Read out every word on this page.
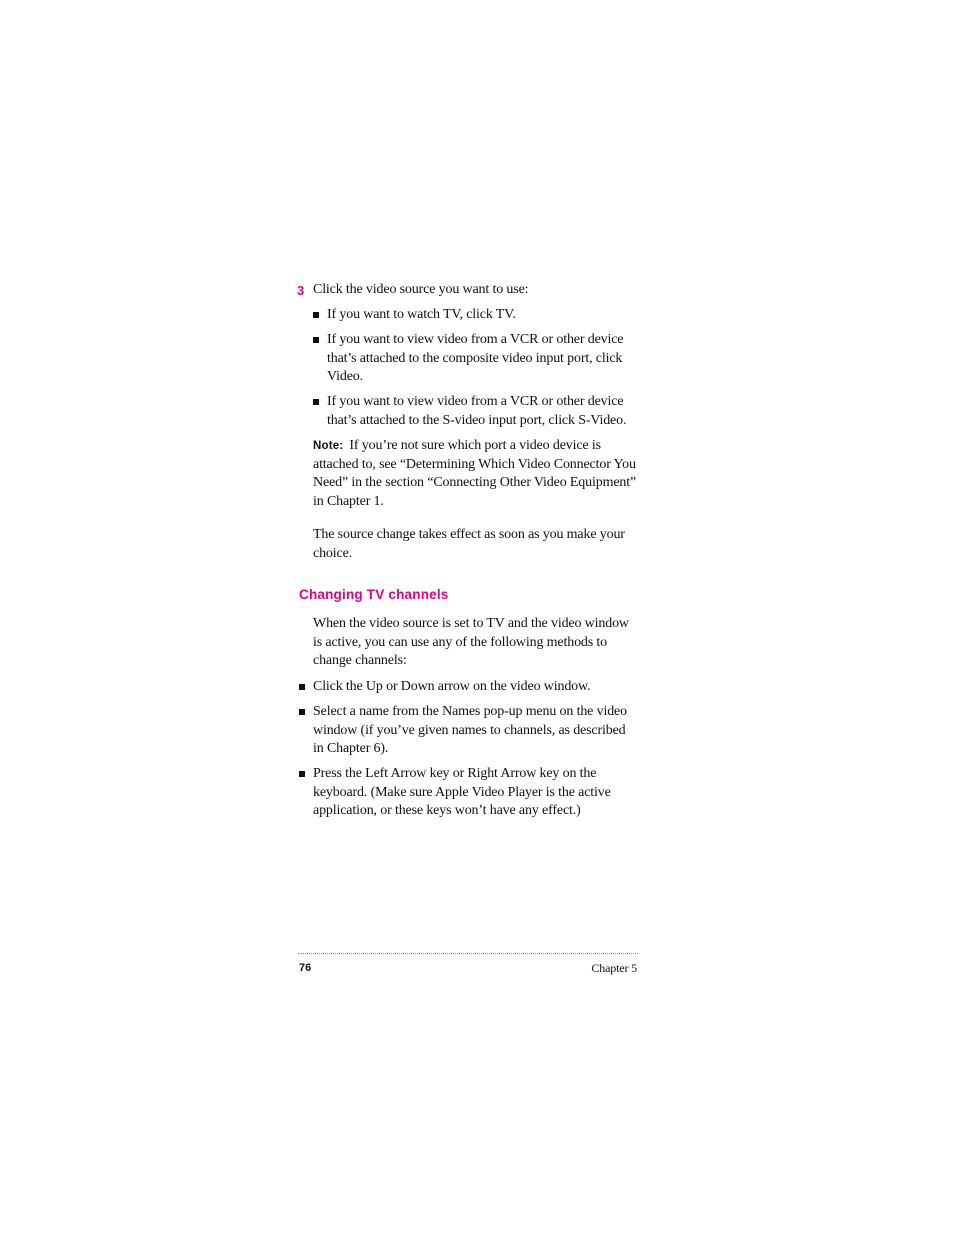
3 Click the video source you want to use:
If you want to watch TV, click TV.
If you want to view video from a VCR or other device that’s attached to the composite video input port, click Video.
If you want to view video from a VCR or other device that’s attached to the S-video input port, click S-Video.
Note: If you’re not sure which port a video device is attached to, see “Determining Which Video Connector You Need” in the section “Connecting Other Video Equipment” in Chapter 1.
The source change takes effect as soon as you make your choice.
Changing TV channels
When the video source is set to TV and the video window is active, you can use any of the following methods to change channels:
Click the Up or Down arrow on the video window.
Select a name from the Names pop-up menu on the video window (if you’ve given names to channels, as described in Chapter 6).
Press the Left Arrow key or Right Arrow key on the keyboard. (Make sure Apple Video Player is the active application, or these keys won’t have any effect.)
76	Chapter 5
